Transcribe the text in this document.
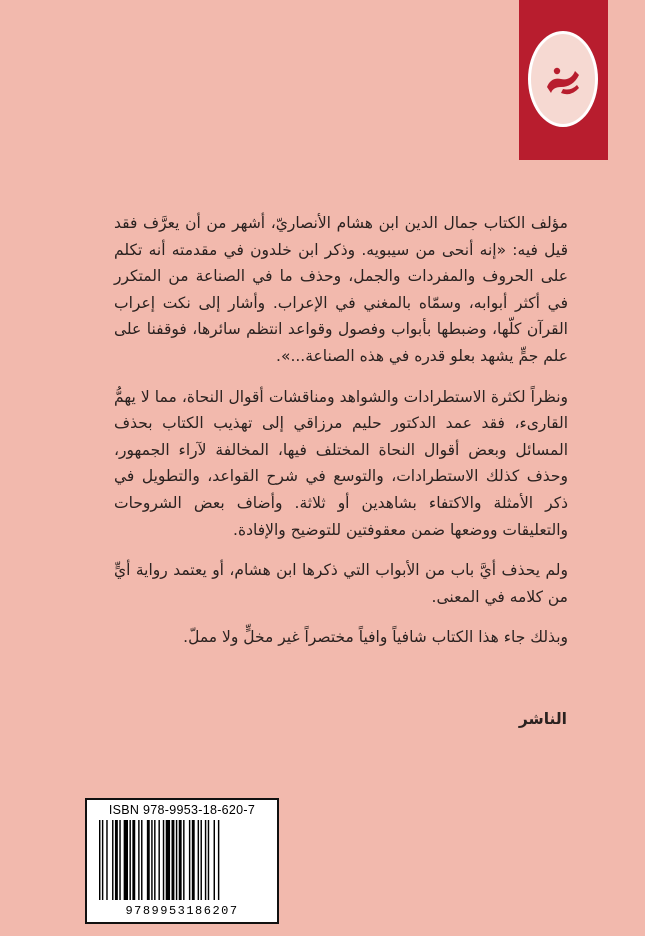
مؤلف الكتاب جمال الدين ابن هشام الأنصاريّ، أشهر من أن يعرَّف فقد قيل فيه: «إنه أنحى من سيبويه. وذكر ابن خلدون في مقدمته أنه تكلم على الحروف والمفردات والجمل، وحذف ما في الصناعة من المتكرر في أكثر أبوابه، وسمّاه بالمغني في الإعراب. وأشار إلى نكت إعراب القرآن كلّها، وضبطها بأبواب وفصول وقواعد انتظم سائرها، فوقفنا على علم جمٍّ يشهد بعلو قدره في هذه الصناعة...».

ونظراً لكثرة الاستطرادات والشواهد ومناقشات أقوال النحاة، مما لا يهمُّ القارىء، فقد عمد الدكتور حليم مرزاقي إلى تهذيب الكتاب بحذف المسائل وبعض أقوال النحاة المختلف فيها، المخالفة لآراء الجمهور، وحذف كذلك الاستطرادات، والتوسع في شرح القواعد، والتطويل في ذكر الأمثلة والاكتفاء بشاهدين أو ثلاثة. وأضاف بعض الشروحات والتعليقات ووضعها ضمن معقوفتين للتوضيح والإفادة.

ولم يحذف أيَّ باب من الأبواب التي ذكرها ابن هشام، أو يعتمد رواية أيٍّ من كلامه في المعنى.

وبذلك جاء هذا الكتاب شافياً وافياً مختصراً غير مخلٍّ ولا مملّ.

الناشر
ISBN 978-9953-18-620-7
9789953186207
